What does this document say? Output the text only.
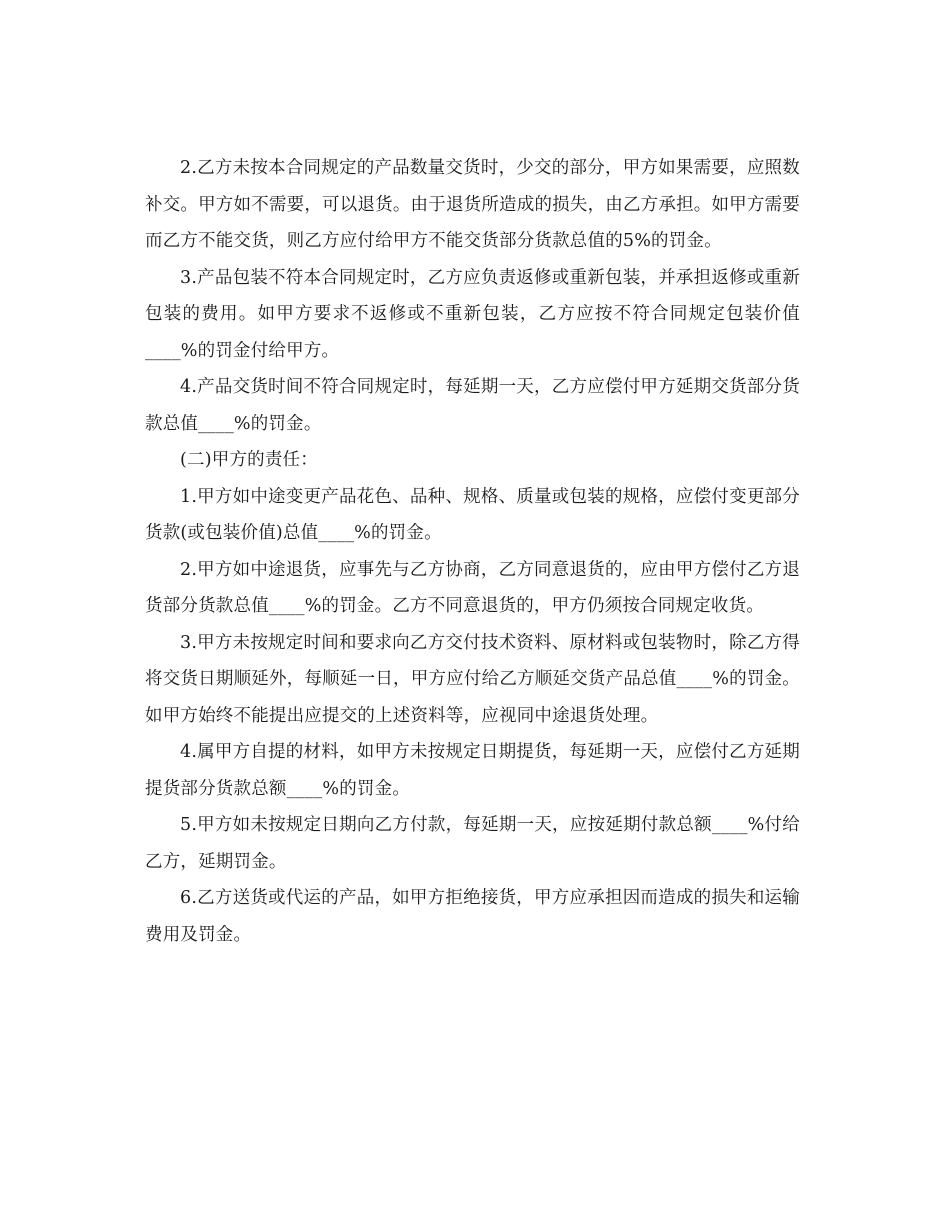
2.乙方未按本合同规定的产品数量交货时，少交的部分，甲方如果需要，应照数补交。甲方如不需要，可以退货。由于退货所造成的损失，由乙方承担。如甲方需要而乙方不能交货，则乙方应付给甲方不能交货部分货款总值的5%的罚金。

3.产品包装不符本合同规定时，乙方应负责返修或重新包装，并承担返修或重新包装的费用。如甲方要求不返修或不重新包装，乙方应按不符合同规定包装价值____%的罚金付给甲方。

4.产品交货时间不符合同规定时，每延期一天，乙方应偿付甲方延期交货部分货款总值____%的罚金。

(二)甲方的责任：

1.甲方如中途变更产品花色、品种、规格、质量或包装的规格，应偿付变更部分货款(或包装价值)总值____%的罚金。

2.甲方如中途退货，应事先与乙方协商，乙方同意退货的，应由甲方偿付乙方退货部分货款总值____%的罚金。乙方不同意退货的，甲方仍须按合同规定收货。

3.甲方未按规定时间和要求向乙方交付技术资料、原材料或包装物时，除乙方得将交货日期顺延外，每顺延一日，甲方应付给乙方顺延交货产品总值____%的罚金。如甲方始终不能提出应提交的上述资料等，应视同中途退货处理。

4.属甲方自提的材料，如甲方未按规定日期提货，每延期一天，应偿付乙方延期提货部分货款总额____%的罚金。

5.甲方如未按规定日期向乙方付款，每延期一天，应按延期付款总额____%付给乙方，延期罚金。

6.乙方送货或代运的产品，如甲方拒绝接货，甲方应承担因而造成的损失和运输费用及罚金。
